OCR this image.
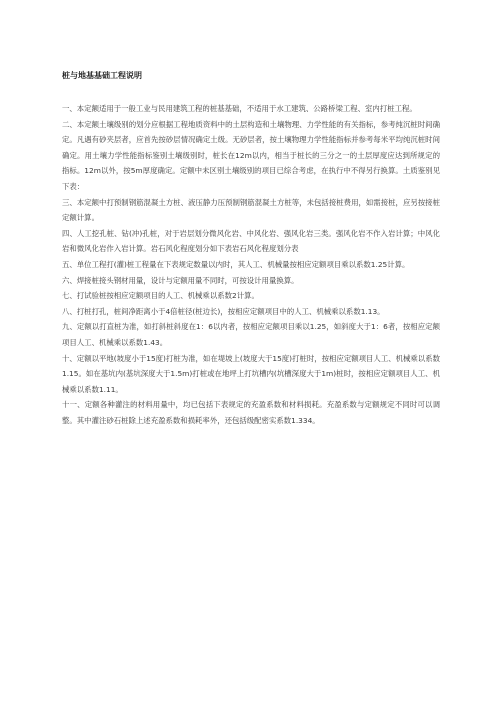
桩与地基基础工程说明

一、本定额适用于一般工业与民用建筑工程的桩基基础，不适用于水工建筑、公路桥梁工程、室内打桩工程。

二、本定额土壤级别的划分应根据工程地质资料中的土层构造和土壤物理、力学性能的有关指标，参考纯沉桩时间确定。凡遇有砂夹层者，应首先按砂层情况确定土级。无砂层者，按土壤物理力学性能指标并参考每米平均纯沉桩时间确定。用土壤力学性能指标鉴别土壤级别时，桩长在12m以内，相当于桩长的三分之一的土层厚度应达到所规定的指标。12m以外，按5m厚度确定。定额中未区别土壤级别的项目已综合考虑，在执行中不得另行换算。土质鉴别见下表：

三、本定额中打预制钢筋混凝土方桩、液压静力压预制钢筋混凝土方桩等，未包括接桩费用，如需接桩，应另按接桩定额计算。

四、人工挖孔桩、钻(冲)孔桩，对于岩层划分微风化岩、中风化岩、强风化岩三类。强风化岩不作入岩计算；中风化岩和微风化岩作入岩计算。岩石风化程度划分如下表岩石风化程度划分表

五、单位工程打(灌)桩工程量在下表规定数量以内时，其人工、机械量按相应定额项目乘以系数1.25计算。

六、焊接桩接头钢材用量，设计与定额用量不同时，可按设计用量换算。

七、打试验桩按相应定额项目的人工、机械乘以系数2计算。

八、打桩打孔，桩间净距离小于4倍桩径(桩边长)，按相应定额项目中的人工、机械乘以系数1.13。

九、定额以打直桩为准，如打斜桩斜度在1：6以内者，按相应定额项目乘以1.25，如斜度大于1：6者，按相应定额项目人工、机械乘以系数1.43。

十、定额以平地(坡度小于15度)打桩为准，如在堤坡上(坡度大于15度)打桩时，按相应定额项目人工、机械乘以系数1.15。如在基坑内(基坑深度大于1.5m)打桩或在地坪上打坑槽内(坑槽深度大于1m)桩时，按相应定额项目人工、机械乘以系数1.11。

十一、定额各种灌注的材料用量中，均已包括下表规定的充盈系数和材料损耗。充盈系数与定额规定不同时可以调整。其中灌注砂石桩除上述充盈系数和损耗率外，还包括级配密实系数1.334。
